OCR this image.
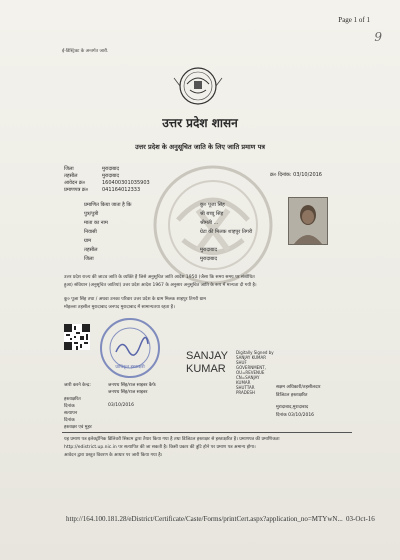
Page 1 of 1
9
ई-डिस्ट्रिक्ट के अन्तर्गत जारी.
उत्तर प्रदेश शासन
उत्तर प्रदेश के अनुसूचित जाति के लिए जाति प्रमाण पत्र
क्र० दिनांक: 03/10/2016
जिला	मुरादाबाद
तहसील	मुरादाबाद
आवेदन क्र०	160400301035903
प्रमाणपत्र क्र०	041164012333
प्रमाणित किया जाता है कि	कु० पूजा सिंह
पुत्र/पुत्री	श्री बच्चू सिंह
माता का नाम	श्रीमती ...
निवासी	ग्रेटा की मिलक शाहपुर तिगरी
ग्राम
तहसील	मुरादाबाद
जिला	मुरादाबाद
उत्तर प्रदेश राज्य की जाटव जाति के व्यक्ति है जिसे अनुसूचित जाति आदेश 1950 (जैसा कि समय समय पर संशोधित
हुआ) संविधान (अनुसूचित जातियां) उत्तर प्रदेश आदेश 1967 के अनुसार अनुसूचित जाति के रूप में मान्यता दी गयी है।
कु० पूजा सिंह तथा / अथवा उनका परिवार उत्तर प्रदेश के ग्राम मिलक शाहपुर तिगरी ग्राम
मोहल्ला तहसील मुरादाबाद जनपद मुरादाबाद में सामान्यतया रहता है।
प्राधिकृत हस्ताक्षरी
SANJAY
KUMAR
Digitally Signed by
SANJAY KUMAR
SHUF
GOVERNMENT,
OU=REVENUE
CN=SANJAY
KUMAR
SHUTTAR
PRADESH
जारी करने केन्द्र:	जनपथ सिंह/राज साइबर कैफे
जनपथ सिंह/राज साइबर
हस्ताक्षरित
दिनांक	03/10/2016
सत्यापन
दिनांक
हस्ताक्षर एवं मुहर
सक्षम अधिकारी/तहसीलदार
डिजिटल हस्ताक्षरित
मुरादाबाद,मुरादाबाद
दिनांक 03/10/2016
यह प्रमाण पत्र इलेक्ट्रॉनिक डिलिवरी सिस्टम द्वारा तैयार किया गया है तथा डिजिटल हस्ताक्षर से हस्ताक्षरित है। प्रमाणपत्र की प्रमाणिकता
http://edistrict.up.nic.in पर सत्यापित की जा सकती है। किसी प्रकार की त्रुटि होने पर प्रमाण पत्र अमान्य होगा।
आवेदन द्वारा प्रस्तुत विवरण के आधार पर जारी किया गया है।
http://164.100.181.28/eDistrict/Certificate/Caste/Forms/printCert.aspx?application_no=MTYwN... 03-Oct-16
